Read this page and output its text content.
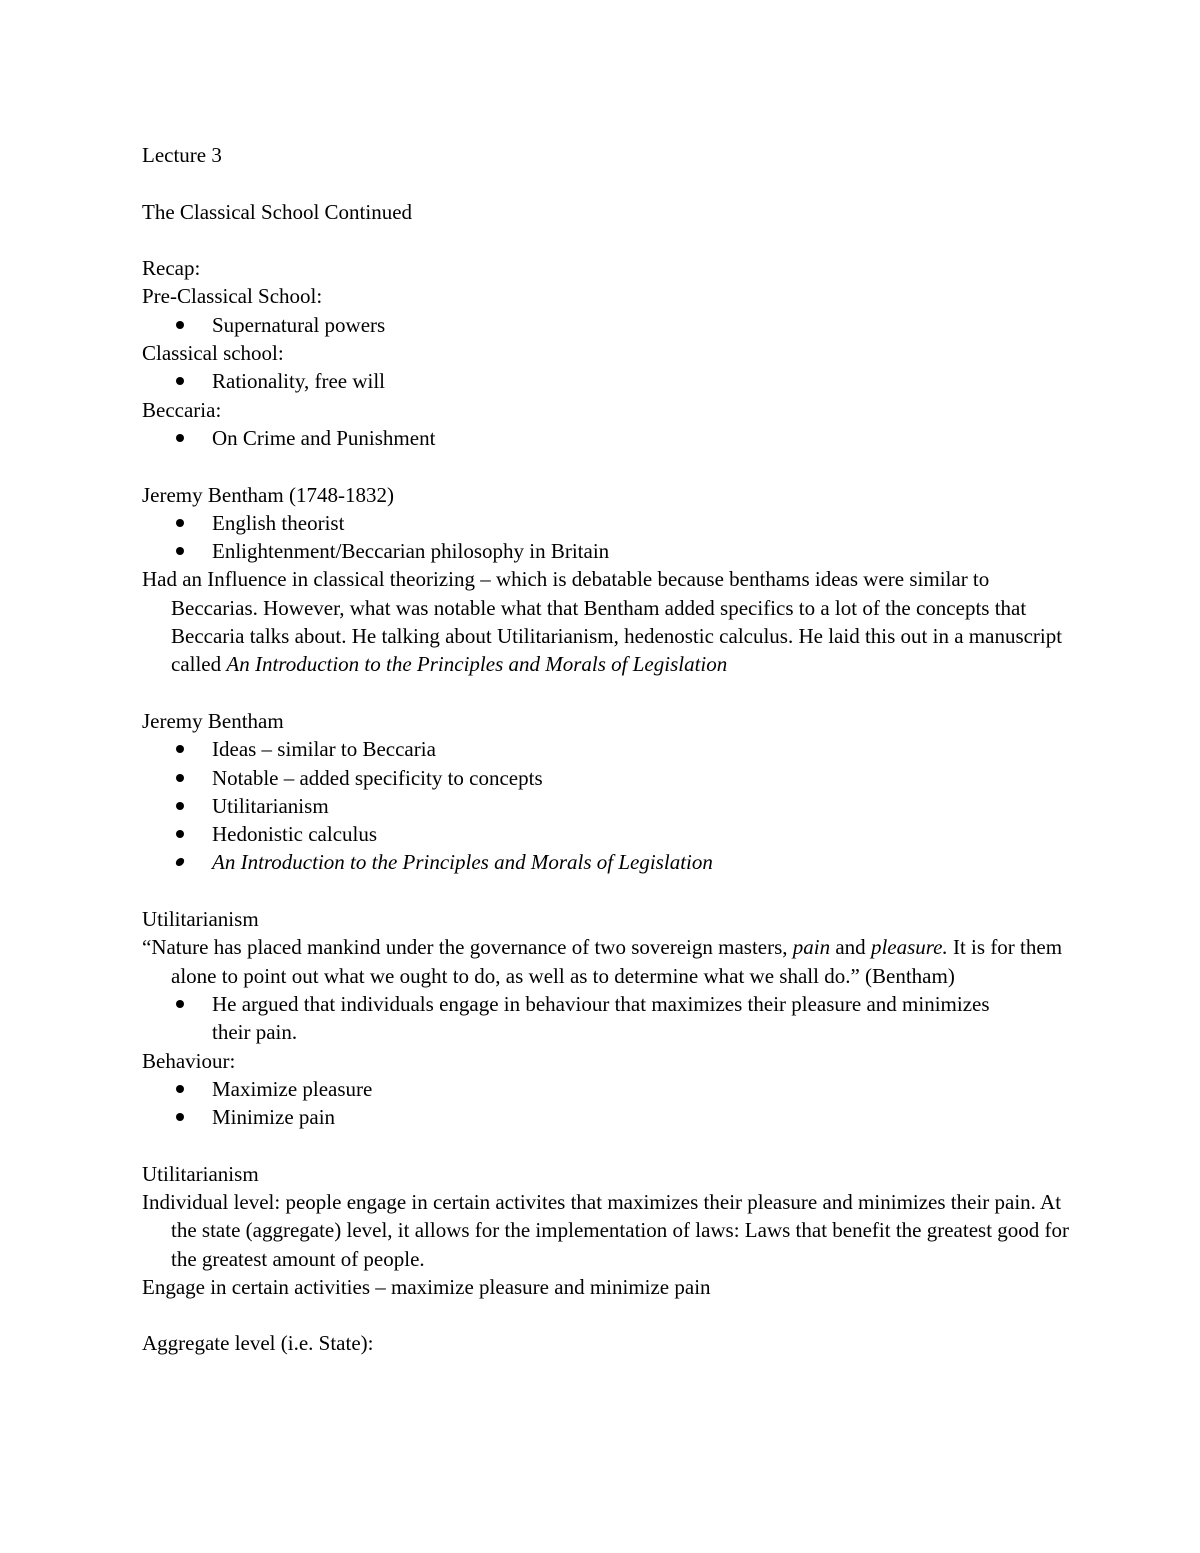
Lecture 3
The Classical School Continued
Recap:
Pre-Classical School:
Supernatural powers
Classical school:
Rationality, free will
Beccaria:
On Crime and Punishment
Jeremy Bentham (1748-1832)
English theorist
Enlightenment/Beccarian philosophy in Britain
Had an Influence in classical theorizing – which is debatable because benthams ideas were similar to Beccarias. However, what was notable what that Bentham added specifics to a lot of the concepts that Beccaria talks about. He talking about Utilitarianism, hedenostic calculus. He laid this out in a manuscript called An Introduction to the Principles and Morals of Legislation
Jeremy Bentham
Ideas – similar to Beccaria
Notable – added specificity to concepts
Utilitarianism
Hedonistic calculus
An Introduction to the Principles and Morals of Legislation
Utilitarianism
“Nature has placed mankind under the governance of two sovereign masters, pain and pleasure. It is for them alone to point out what we ought to do, as well as to determine what we shall do.” (Bentham)
He argued that individuals engage in behaviour that maximizes their pleasure and minimizes their pain.
Behaviour:
Maximize pleasure
Minimize pain
Utilitarianism
Individual level: people engage in certain activites that maximizes their pleasure and minimizes their pain. At the state (aggregate) level, it allows for the implementation of laws: Laws that benefit the greatest good for the greatest amount of people.
Engage in certain activities – maximize pleasure and minimize pain
Aggregate level (i.e. State):
